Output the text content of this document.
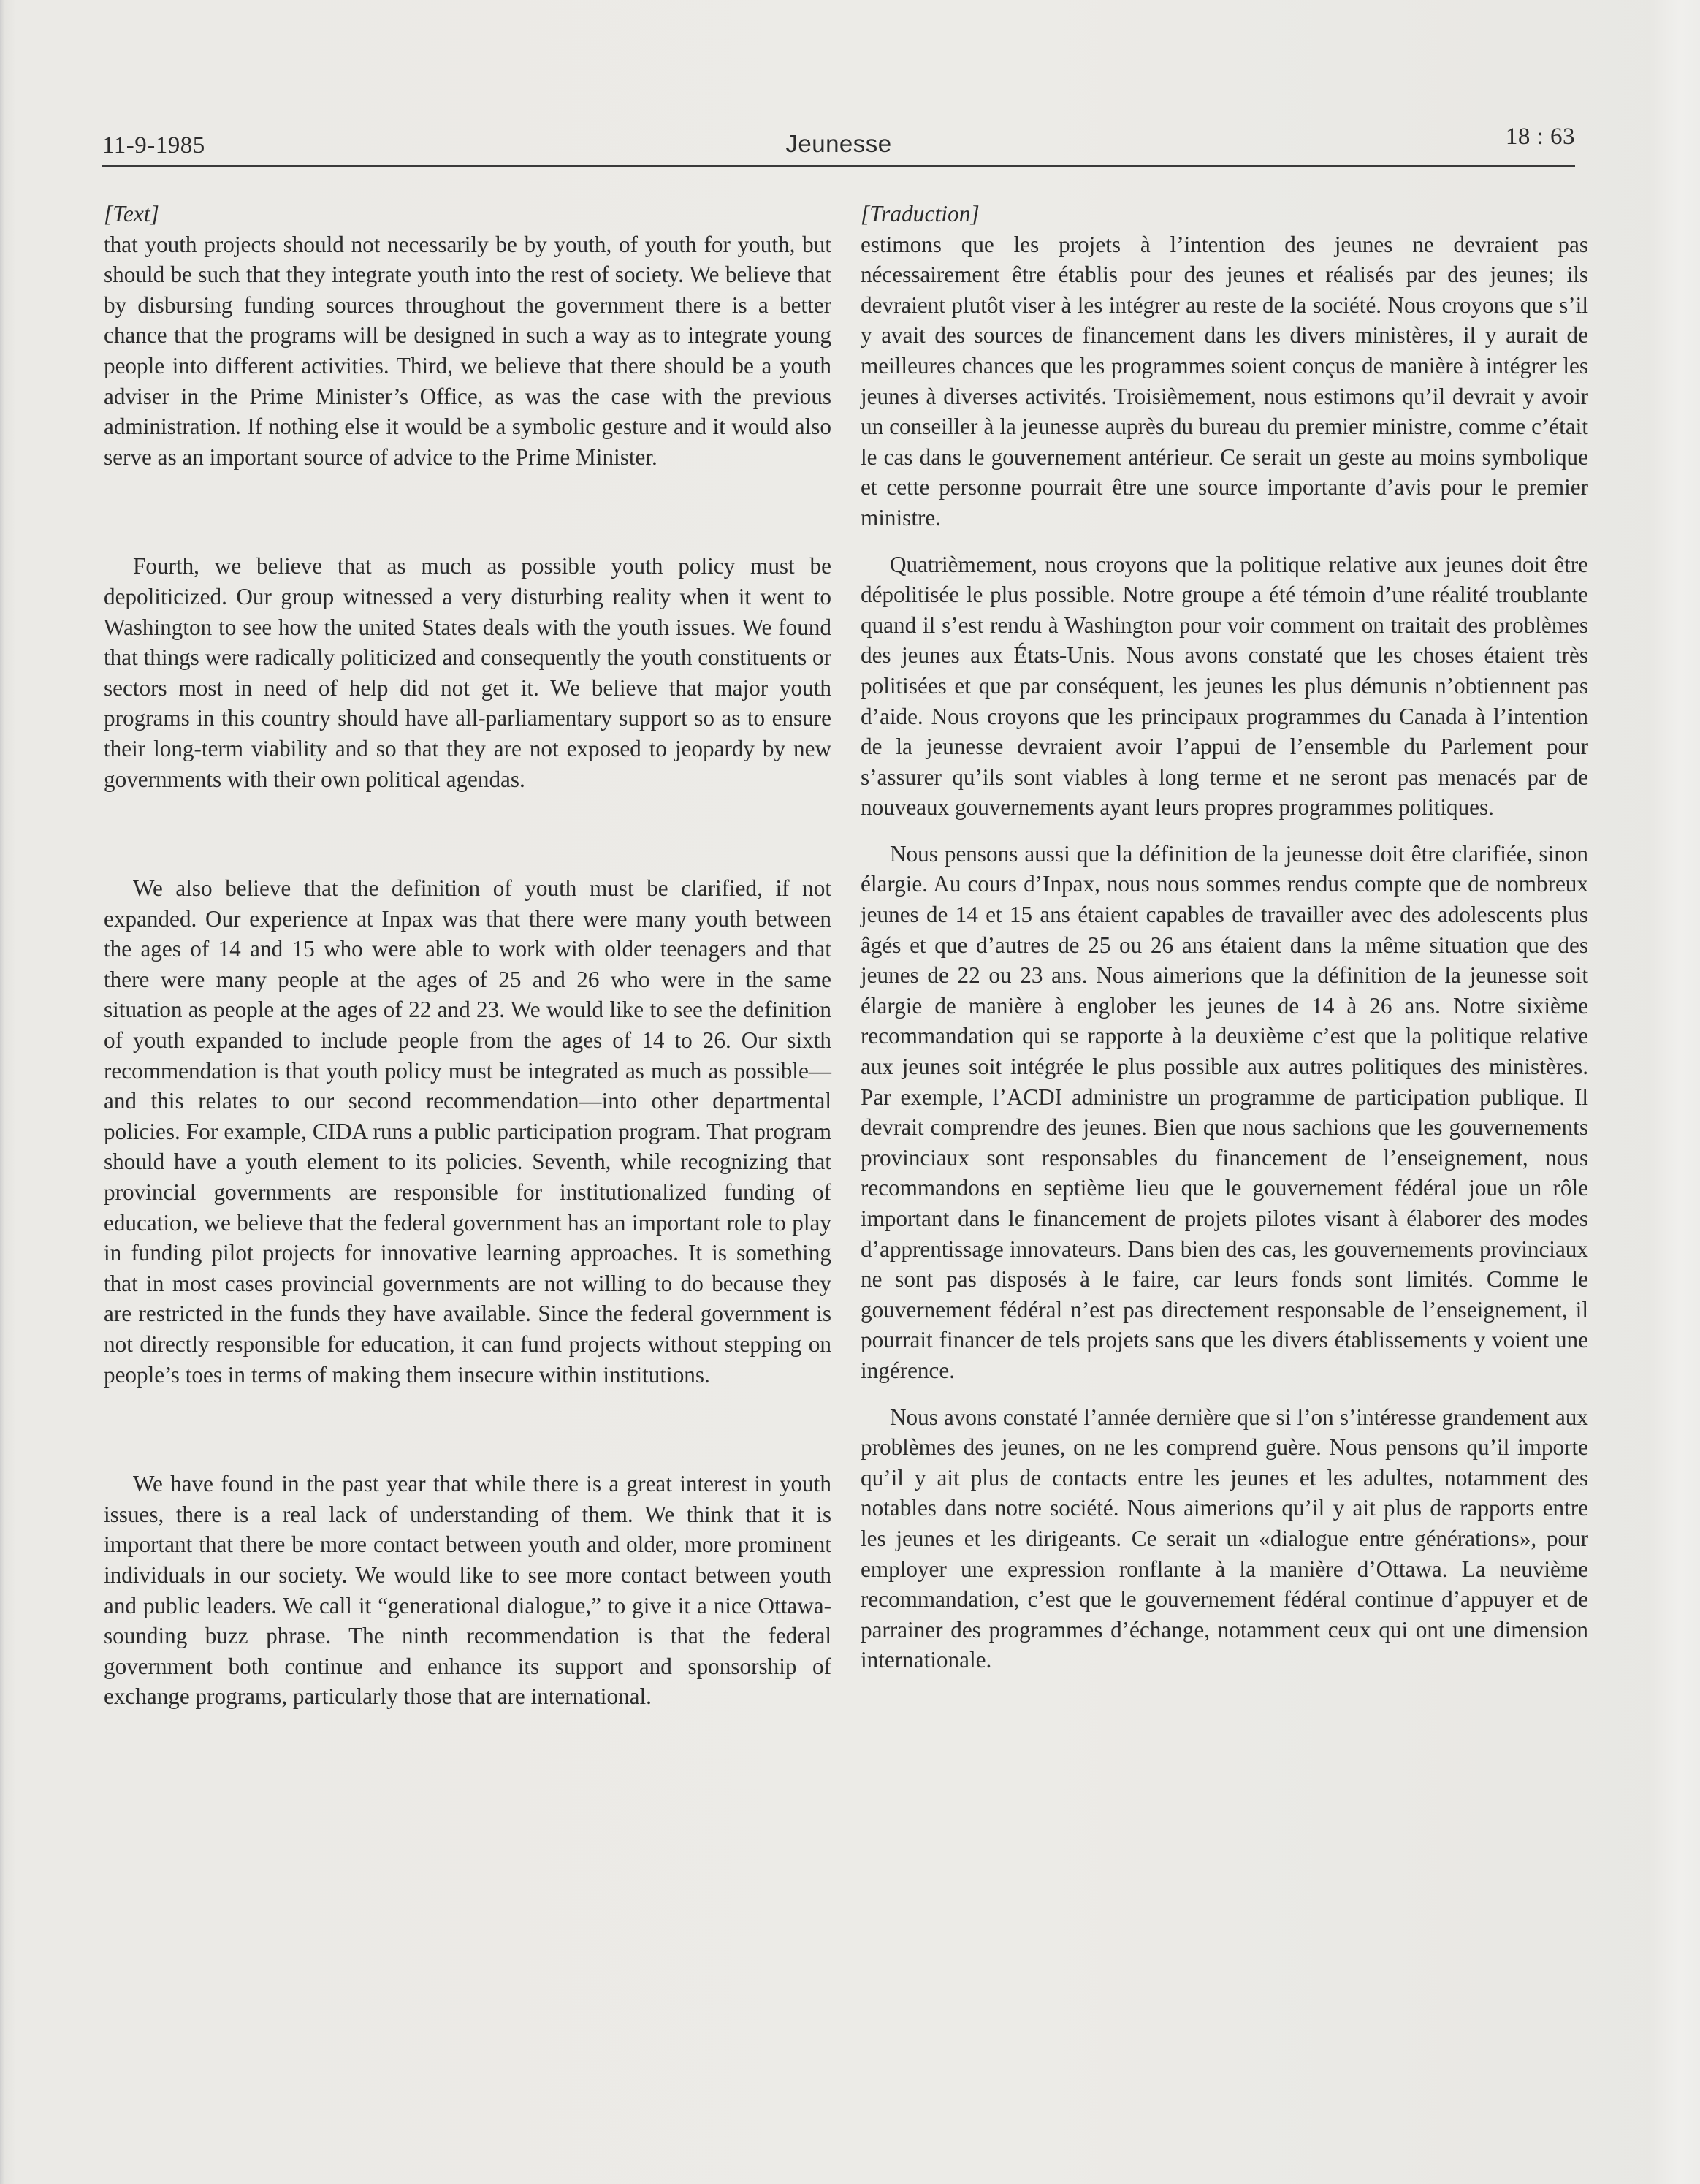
11-9-1985	Jeunesse	18 : 63

[Text]

that youth projects should not necessarily be by youth, of youth for youth, but should be such that they integrate youth into the rest of society. We believe that by disbursing funding sources throughout the government there is a better chance that the programs will be designed in such a way as to integrate young people into different activities. Third, we believe that there should be a youth adviser in the Prime Minister’s Office, as was the case with the previous administration. If nothing else it would be a symbolic gesture and it would also serve as an important source of advice to the Prime Minister.

Fourth, we believe that as much as possible youth policy must be depoliticized. Our group witnessed a very disturbing reality when it went to Washington to see how the united States deals with the youth issues. We found that things were radically politicized and consequently the youth constituents or sectors most in need of help did not get it. We believe that major youth programs in this country should have all-parliamentary support so as to ensure their long-term viability and so that they are not exposed to jeopardy by new governments with their own political agendas.

We also believe that the definition of youth must be clarified, if not expanded. Our experience at Inpax was that there were many youth between the ages of 14 and 15 who were able to work with older teenagers and that there were many people at the ages of 25 and 26 who were in the same situation as people at the ages of 22 and 23. We would like to see the definition of youth expanded to include people from the ages of 14 to 26. Our sixth recommendation is that youth policy must be integrated as much as possible—and this relates to our second recommendation—into other departmental policies. For example, CIDA runs a public participation program. That program should have a youth element to its policies. Seventh, while recognizing that provincial governments are responsible for institutionalized funding of education, we believe that the federal government has an important role to play in funding pilot projects for innovative learning approaches. It is something that in most cases provincial governments are not willing to do because they are restricted in the funds they have available. Since the federal government is not directly responsible for education, it can fund projects without stepping on people’s toes in terms of making them insecure within institutions.

We have found in the past year that while there is a great interest in youth issues, there is a real lack of understanding of them. We think that it is important that there be more contact between youth and older, more prominent individuals in our society. We would like to see more contact between youth and public leaders. We call it “generational dialogue,” to give it a nice Ottawa-sounding buzz phrase. The ninth recommendation is that the federal government both continue and enhance its support and sponsorship of exchange programs, particularly those that are international.

[Traduction]

estimons que les projets à l’intention des jeunes ne devraient pas nécessairement être établis pour des jeunes et réalisés par des jeunes; ils devraient plutôt viser à les intégrer au reste de la société. Nous croyons que s’il y avait des sources de financement dans les divers ministères, il y aurait de meilleures chances que les programmes soient conçus de manière à intégrer les jeunes à diverses activités. Troisièmement, nous estimons qu’il devrait y avoir un conseiller à la jeunesse auprès du bureau du premier ministre, comme c’était le cas dans le gouvernement antérieur. Ce serait un geste au moins symbolique et cette personne pourrait être une source importante d’avis pour le premier ministre.

Quatrièmement, nous croyons que la politique relative aux jeunes doit être dépolitisée le plus possible. Notre groupe a été témoin d’une réalité troublante quand il s’est rendu à Washington pour voir comment on traitait des problèmes des jeunes aux États-Unis. Nous avons constaté que les choses étaient très politisées et que par conséquent, les jeunes les plus démunis n’obtiennent pas d’aide. Nous croyons que les principaux programmes du Canada à l’intention de la jeunesse devraient avoir l’appui de l’ensemble du Parlement pour s’assurer qu’ils sont viables à long terme et ne seront pas menacés par de nouveaux gouvernements ayant leurs propres programmes politiques.

Nous pensons aussi que la définition de la jeunesse doit être clarifiée, sinon élargie. Au cours d’Inpax, nous nous sommes rendus compte que de nombreux jeunes de 14 et 15 ans étaient capables de travailler avec des adolescents plus âgés et que d’autres de 25 ou 26 ans étaient dans la même situation que des jeunes de 22 ou 23 ans. Nous aimerions que la définition de la jeunesse soit élargie de manière à englober les jeunes de 14 à 26 ans. Notre sixième recommandation qui se rapporte à la deuxième c’est que la politique relative aux jeunes soit intégrée le plus possible aux autres politiques des ministères. Par exemple, l’ACDI administre un programme de participation publique. Il devrait comprendre des jeunes. Bien que nous sachions que les gouvernements provinciaux sont responsables du financement de l’enseignement, nous recommandons en septième lieu que le gouvernement fédéral joue un rôle important dans le financement de projets pilotes visant à élaborer des modes d’apprentissage innovateurs. Dans bien des cas, les gouvernements provinciaux ne sont pas disposés à le faire, car leurs fonds sont limités. Comme le gouvernement fédéral n’est pas directement responsable de l’enseignement, il pourrait financer de tels projets sans que les divers établissements y voient une ingérence.

Nous avons constaté l’année dernière que si l’on s’intéresse grandement aux problèmes des jeunes, on ne les comprend guère. Nous pensons qu’il importe qu’il y ait plus de contacts entre les jeunes et les adultes, notamment des notables dans notre société. Nous aimerions qu’il y ait plus de rapports entre les jeunes et les dirigeants. Ce serait un «dialogue entre générations», pour employer une expression ronflante à la manière d’Ottawa. La neuvième recommandation, c’est que le gouvernement fédéral continue d’appuyer et de parrainer des programmes d’échange, notamment ceux qui ont une dimension internationale.
